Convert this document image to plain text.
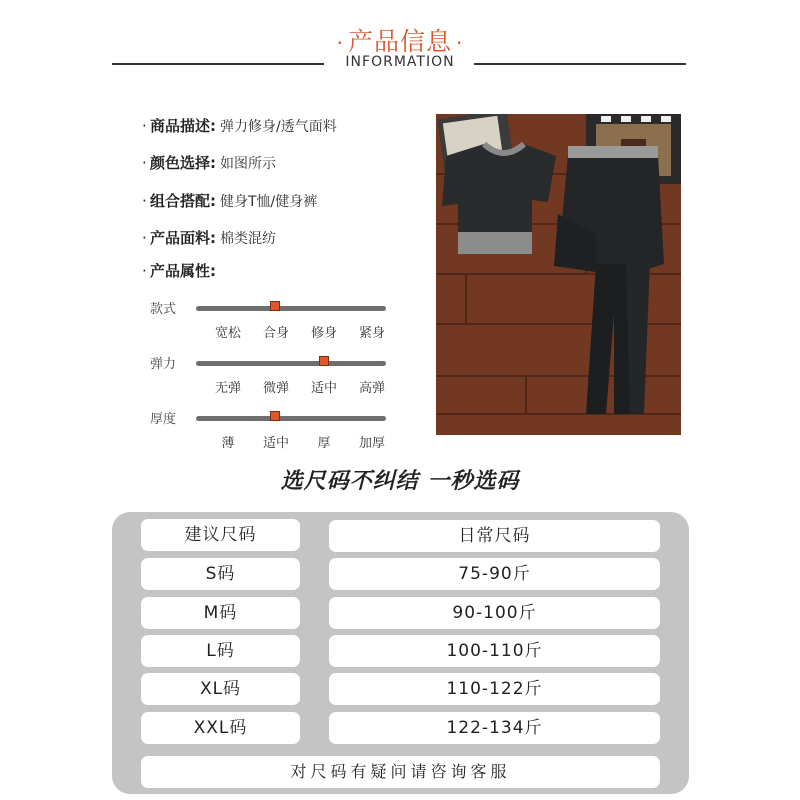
· 产品信息 ·
INFORMATION
· 商品描述: 弹力修身/透气面料
· 颜色选择: 如图所示
· 组合搭配: 健身T恤/健身裤
· 产品面料: 棉类混纺
· 产品属性:
款式
宽松 合身 修身 紧身
弹力
无弹 微弹 适中 高弹
厚度
薄 适中 厚 加厚
选尺码不纠结 一秒选码
建议尺码	日常尺码
S码	75-90斤
M码	90-100斤
L码	100-110斤
XL码	110-122斤
XXL码	122-134斤
对尺码有疑问请咨询客服
